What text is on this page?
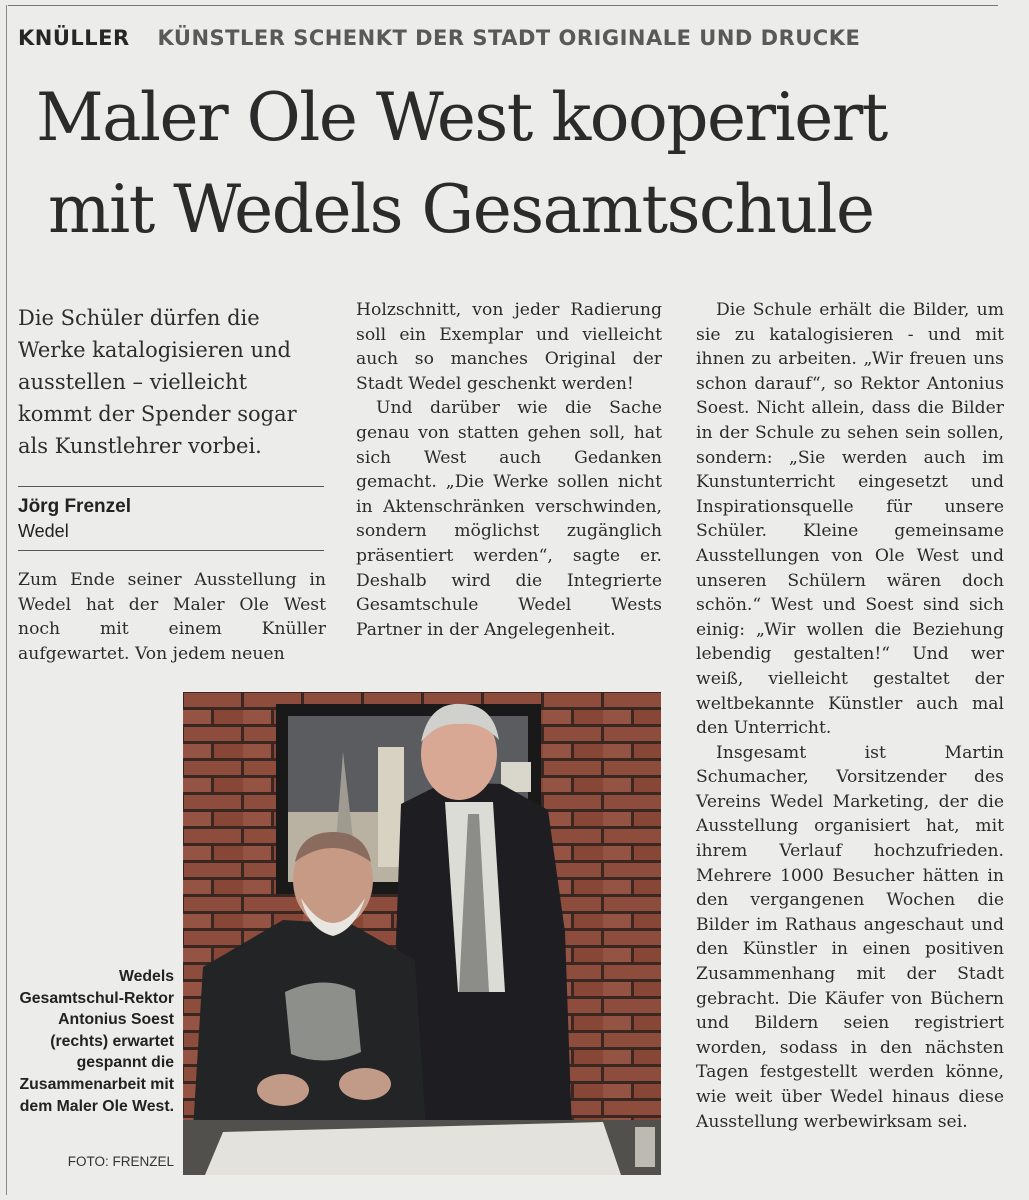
KNÜLLER KÜNSTLER SCHENKT DER STADT ORIGINALE UND DRUCKE
Maler Ole West kooperiert
mit Wedels Gesamtschule
Die Schüler dürfen die Werke katalogisieren und ausstellen – vielleicht kommt der Spender sogar als Kunstlehrer vorbei.
Jörg Frenzel
Wedel

Zum Ende seiner Ausstellung in Wedel hat der Maler Ole West noch mit einem Knüller aufgewartet. Von jedem neuen

Holzschnitt, von jeder Radierung soll ein Exemplar und vielleicht auch so manches Original der Stadt Wedel geschenkt werden!

Und darüber wie die Sache genau von statten gehen soll, hat sich West auch Gedanken gemacht. „Die Werke sollen nicht in Aktenschränken verschwinden, sondern möglichst zugänglich präsentiert werden“, sagte er. Deshalb wird die Integrierte Gesamtschule Wedel Wests Partner in der Angelegenheit.

Die Schule erhält die Bilder, um sie zu katalogisieren - und mit ihnen zu arbeiten. „Wir freuen uns schon darauf“, so Rektor Antonius Soest. Nicht allein, dass die Bilder in der Schule zu sehen sein sollen, sondern: „Sie werden auch im Kunstunterricht eingesetzt und Inspirationsquelle für unsere Schüler. Kleine gemeinsame Ausstellungen von Ole West und unseren Schülern wären doch schön.“ West und Soest sind sich einig: „Wir wollen die Beziehung lebendig gestalten!“ Und wer weiß, vielleicht gestaltet der weltbekannte Künstler auch mal den Unterricht.

Insgesamt ist Martin Schumacher, Vorsitzender des Vereins Wedel Marketing, der die Ausstellung organisiert hat, mit ihrem Verlauf hochzufrieden. Mehrere 1000 Besucher hätten in den vergangenen Wochen die Bilder im Rathaus angeschaut und den Künstler in einen positiven Zusammenhang mit der Stadt gebracht. Die Käufer von Büchern und Bildern seien registriert worden, sodass in den nächsten Tagen festgestellt werden könne, wie weit über Wedel hinaus diese Ausstellung werbewirksam sei.

Wedels Gesamtschul-Rektor Antonius Soest (rechts) erwartet gespannt die Zusammenarbeit mit dem Maler Ole West.
FOTO: FRENZEL
